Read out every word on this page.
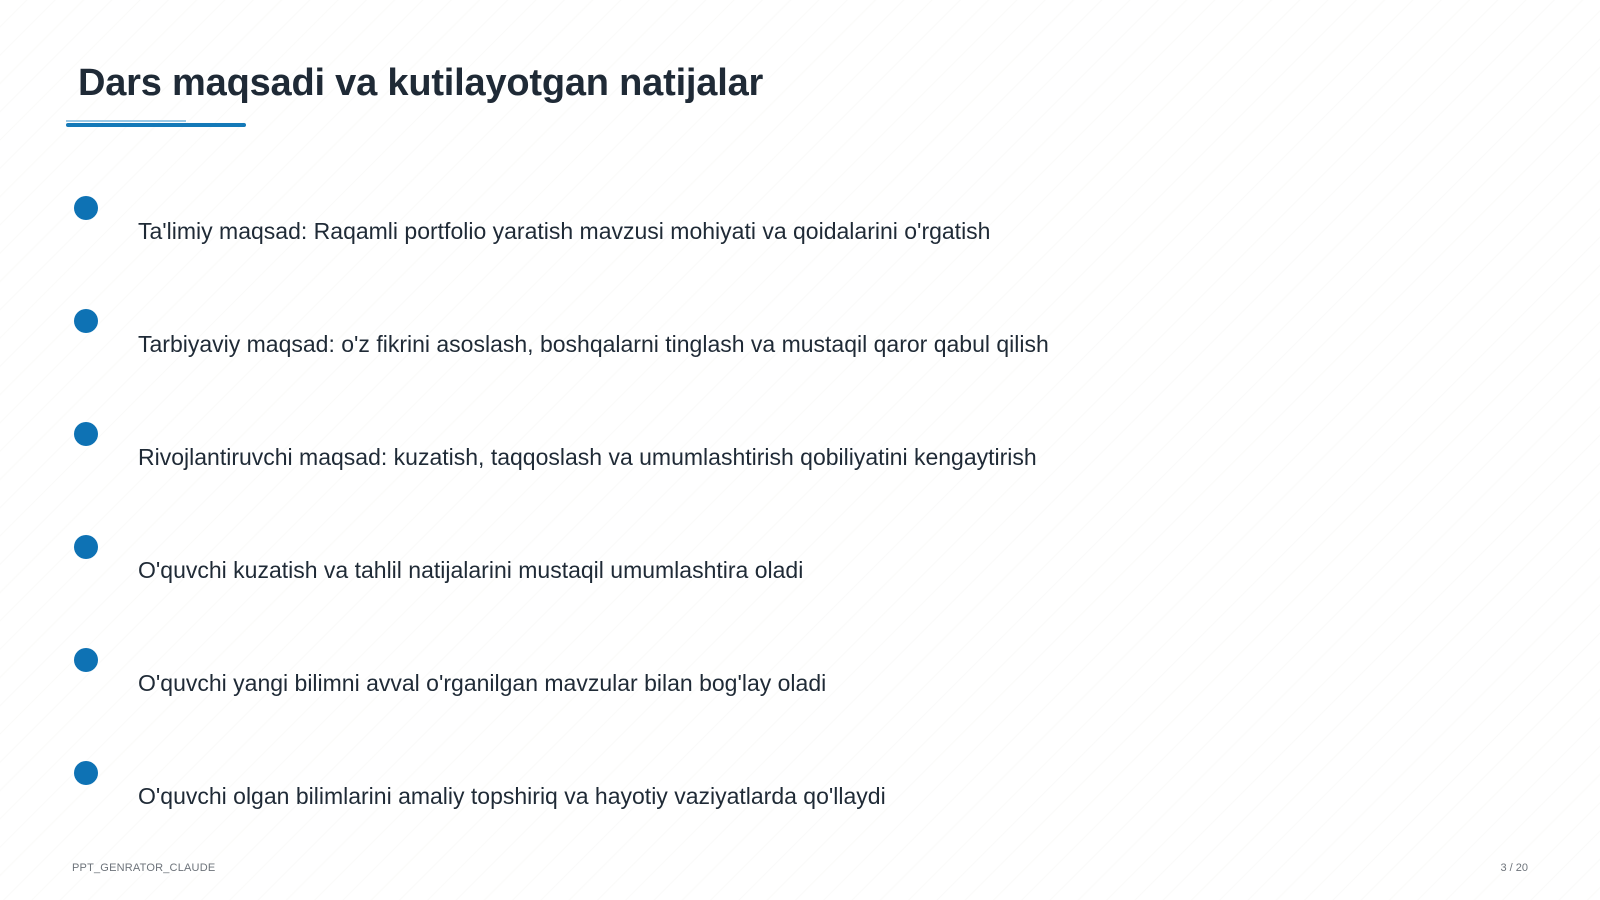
Dars maqsadi va kutilayotgan natijalar
Ta'limiy maqsad: Raqamli portfolio yaratish mavzusi mohiyati va qoidalarini o'rgatish
Tarbiyaviy maqsad: o'z fikrini asoslash, boshqalarni tinglash va mustaqil qaror qabul qilish
Rivojlantiruvchi maqsad: kuzatish, taqqoslash va umumlashtirish qobiliyatini kengaytirish
O'quvchi kuzatish va tahlil natijalarini mustaqil umumlashtira oladi
O'quvchi yangi bilimni avval o'rganilgan mavzular bilan bog'lay oladi
O'quvchi olgan bilimlarini amaliy topshiriq va hayotiy vaziyatlarda qo'llaydi
PPT_GENRATOR_CLAUDE	3 / 20
